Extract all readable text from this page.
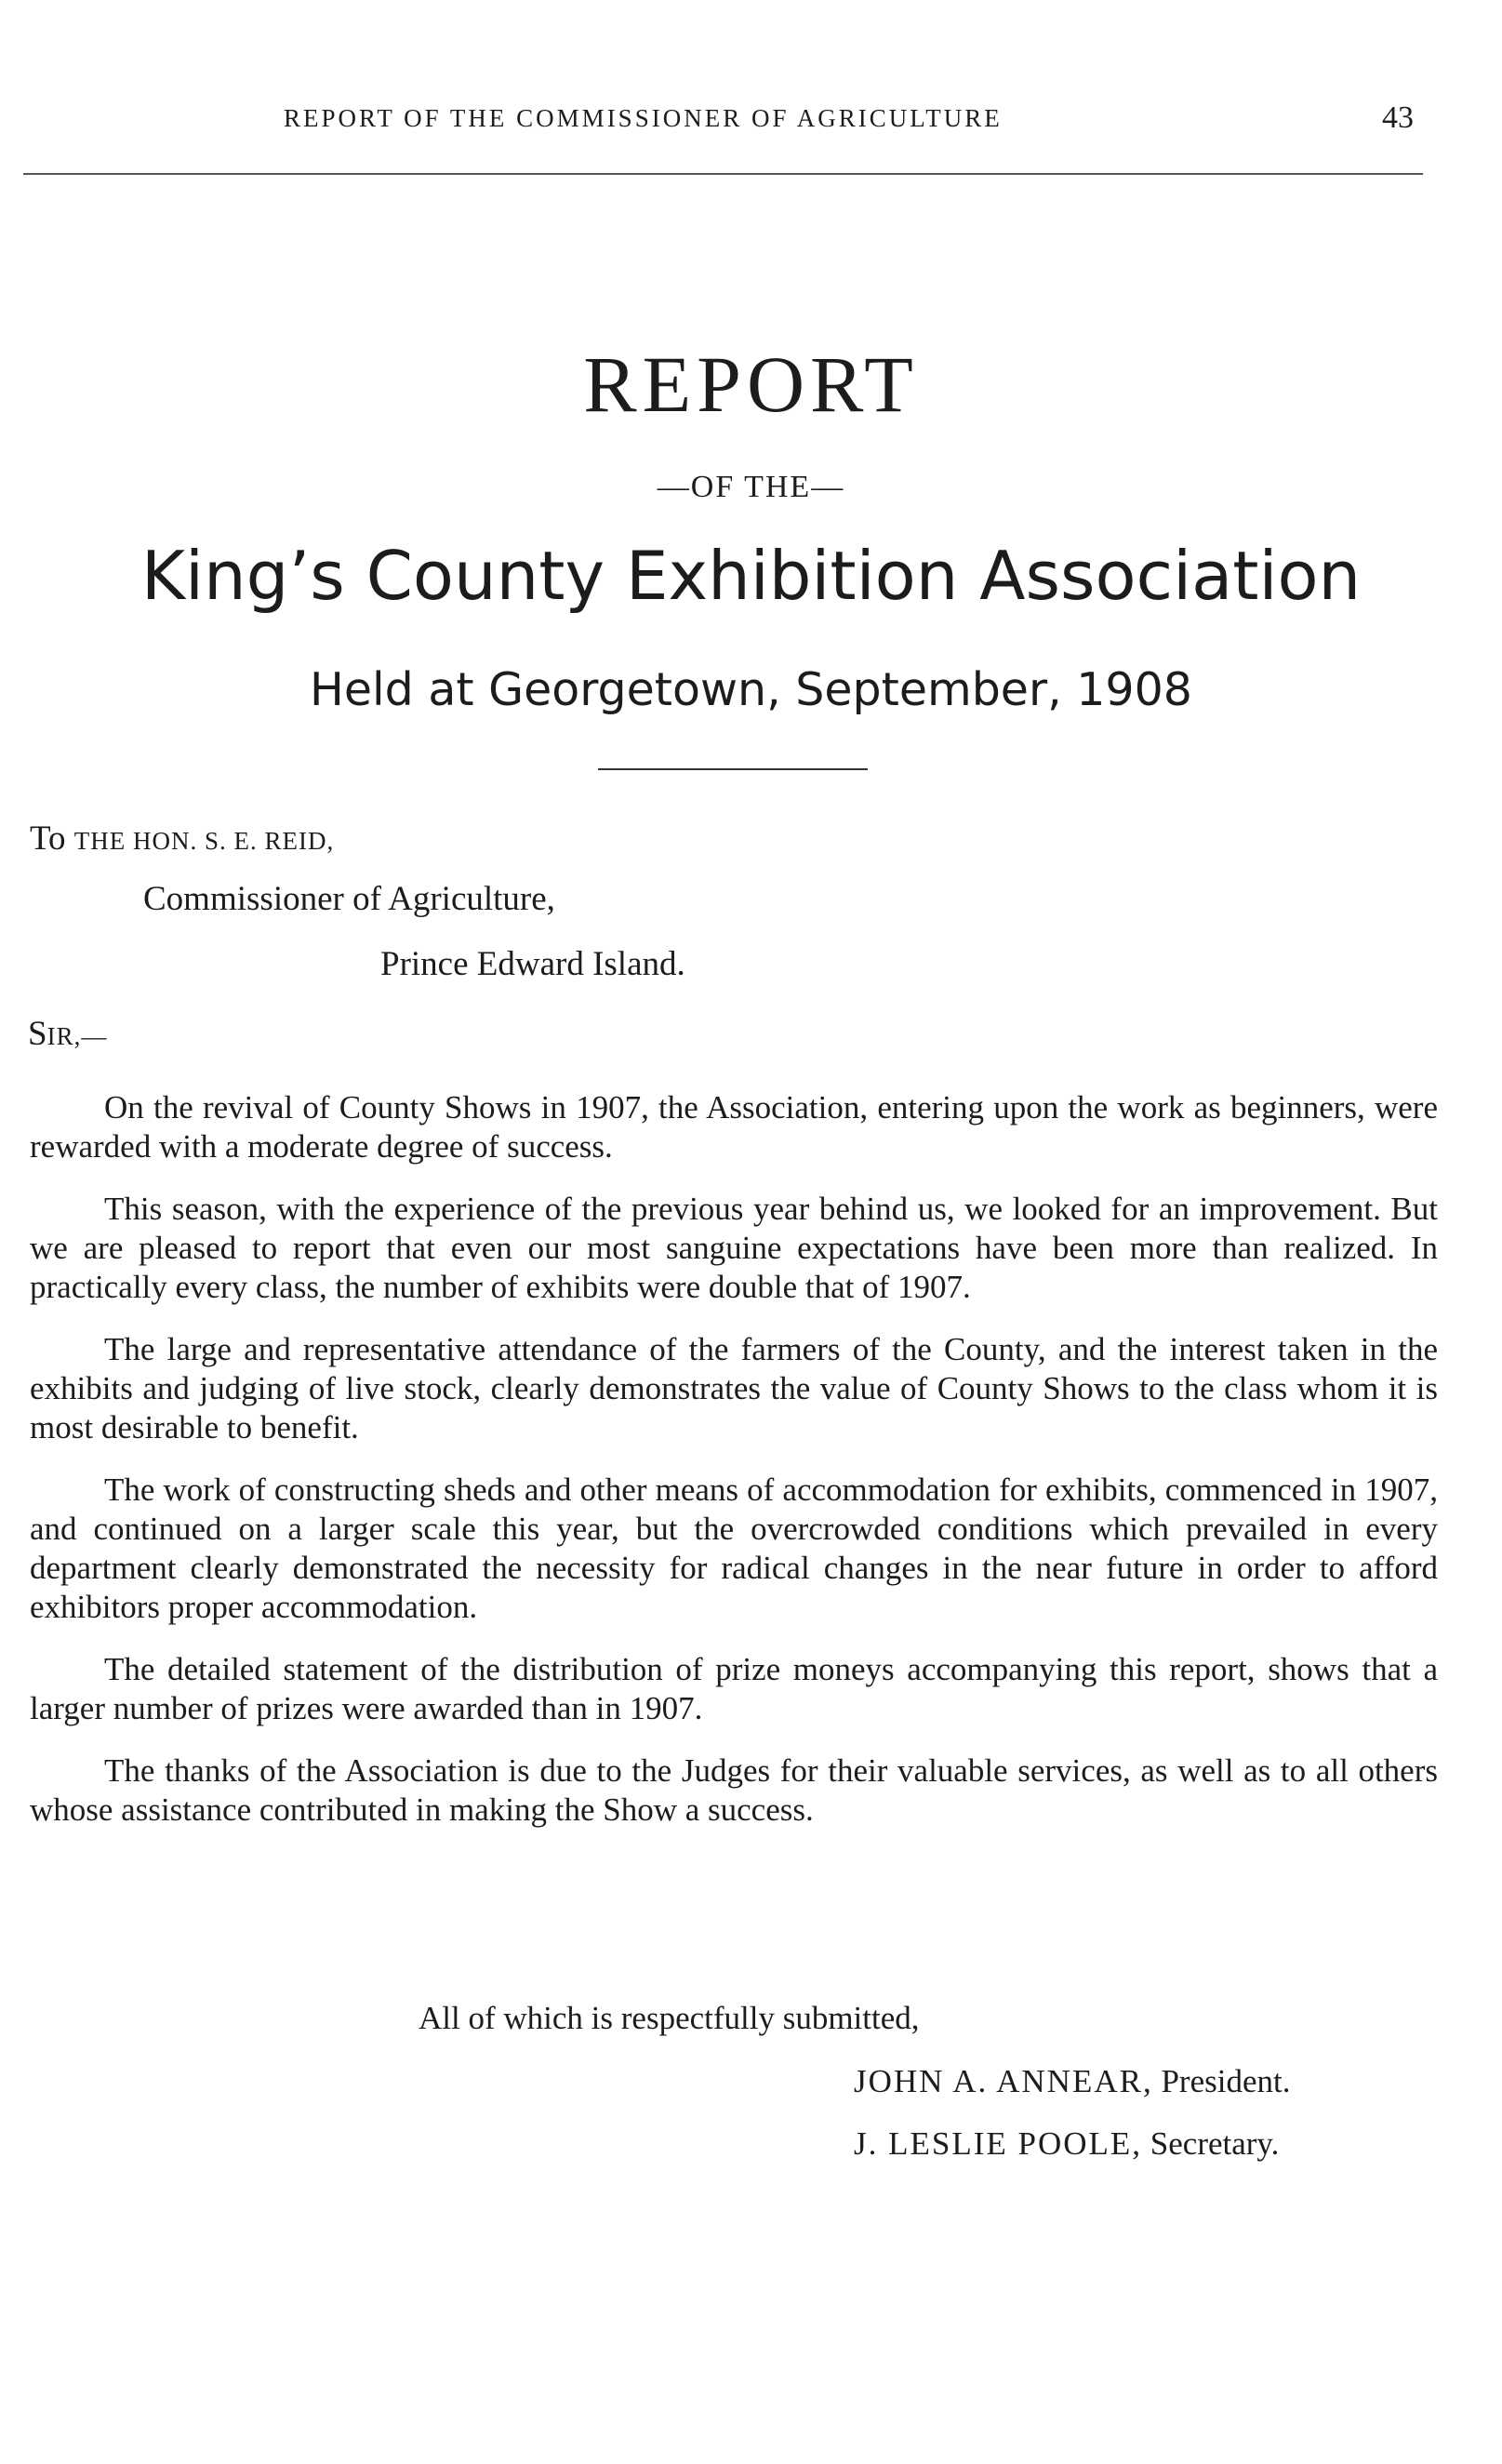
REPORT OF THE COMMISSIONER OF AGRICULTURE	43
REPORT
—OF THE—
King’s County Exhibition Association
Held at Georgetown, September, 1908
To THE HON. S. E. REID,
Commissioner of Agriculture,
Prince Edward Island.
SIR,—

On the revival of County Shows in 1907, the Association, entering upon the work as beginners, were rewarded with a moderate degree of success.

This season, with the experience of the previous year behind us, we looked for an improvement. But we are pleased to report that even our most sanguine expectations have been more than realized. In practically every class, the number of exhibits were double that of 1907.

The large and representative attendance of the farmers of the County, and the interest taken in the exhibits and judging of live stock, clearly demonstrates the value of County Shows to the class whom it is most desirable to benefit.

The work of constructing sheds and other means of accommodation for exhibits, commenced in 1907, and continued on a larger scale this year, but the overcrowded conditions which prevailed in every department clearly demonstrated the necessity for radical changes in the near future in order to afford exhibitors proper accommodation.

The detailed statement of the distribution of prize moneys accompanying this report, shows that a larger number of prizes were awarded than in 1907.

The thanks of the Association is due to the Judges for their valuable services, as well as to all others whose assistance contributed in making the Show a success.

All of which is respectfully submitted,
JOHN A. ANNEAR, President.
J. LESLIE POOLE, Secretary.
